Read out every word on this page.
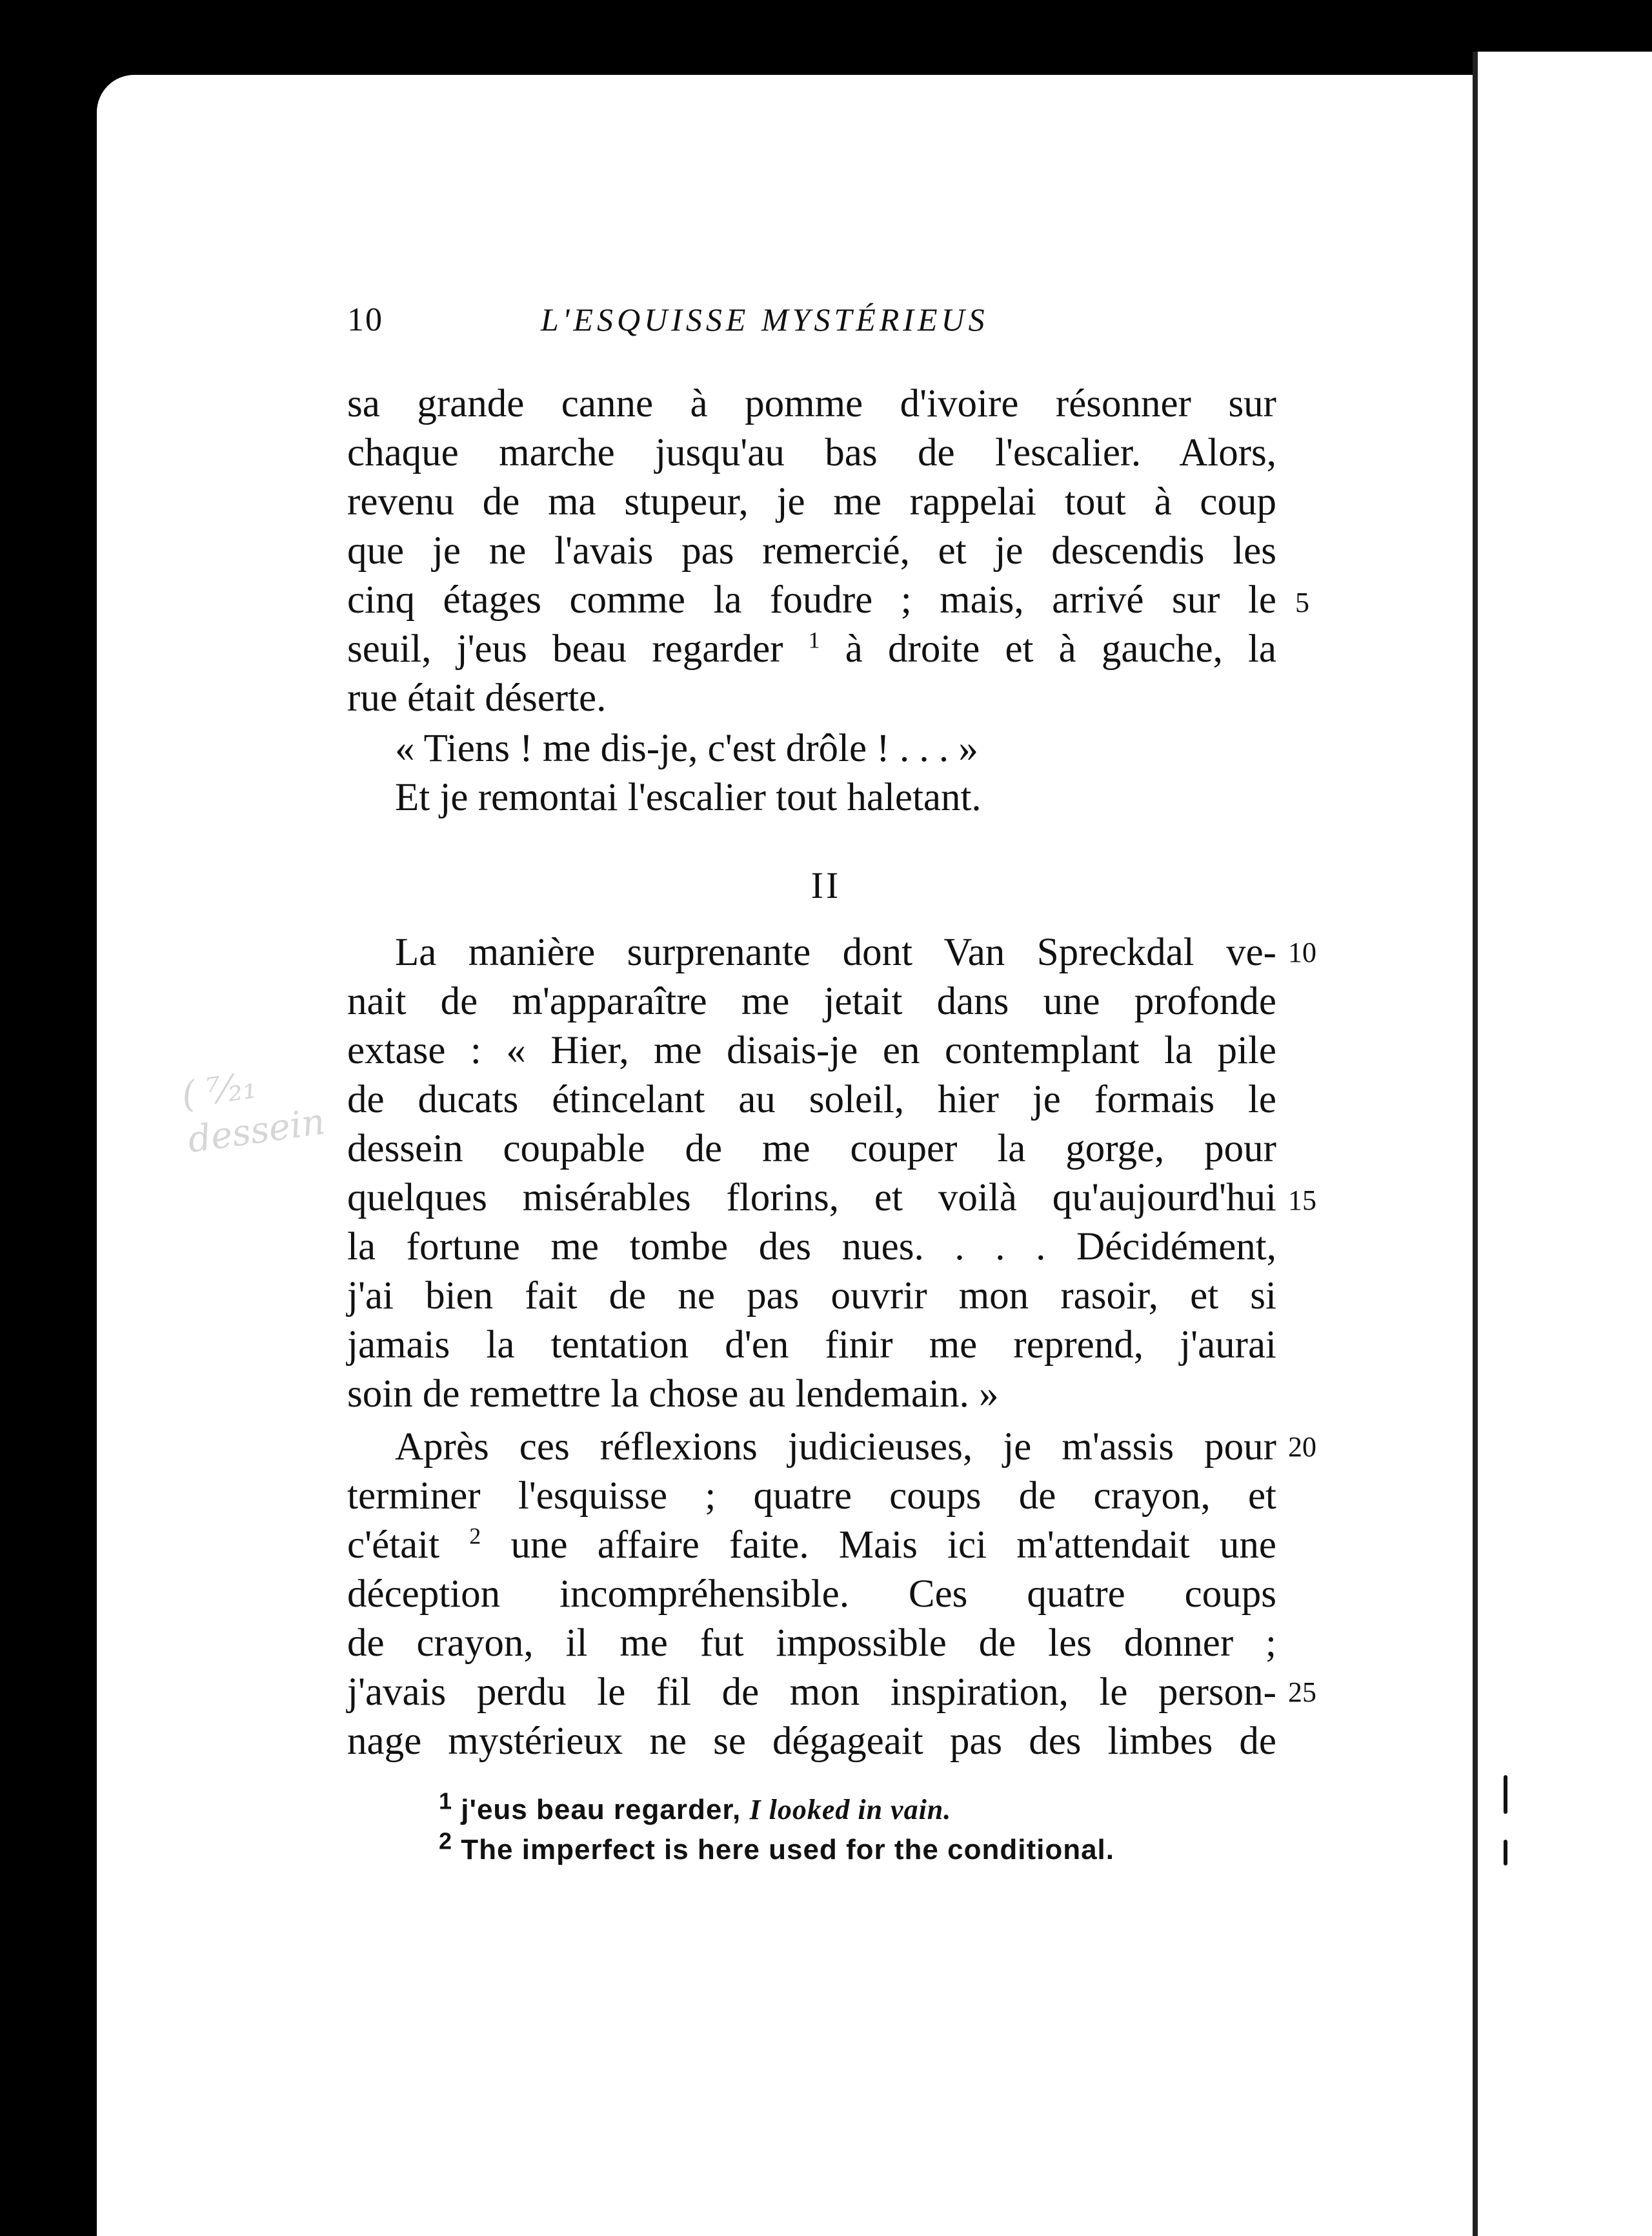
( ⁷⁄₂₁ dessein
10	L'ESQUISSE MYSTÉRIEUS
sa grande canne à pomme d'ivoire résonner sur
chaque marche jusqu'au bas de l'escalier. Alors,
revenu de ma stupeur, je me rappelai tout à coup
que je ne l'avais pas remercié, et je descendis les
cinq étages comme la foudre ; mais, arrivé sur le 5
seuil, j'eus beau regarder $^1$ à droite et à gauche, la
rue était déserte.
« Tiens ! me dis-je, c'est drôle ! . . . »
Et je remontai l'escalier tout haletant.
II
La manière surprenante dont Van Spreckdal ve- 10
nait de m'apparaître me jetait dans une profonde
extase : « Hier, me disais-je en contemplant la pile
de ducats étincelant au soleil, hier je formais le
dessein coupable de me couper la gorge, pour
quelques misérables florins, et voilà qu'aujourd'hui 15
la fortune me tombe des nues. . . . Décidément,
j'ai bien fait de ne pas ouvrir mon rasoir, et si
jamais la tentation d'en finir me reprend, j'aurai
soin de remettre la chose au lendemain. »
Après ces réflexions judicieuses, je m'assis pour 20
terminer l'esquisse ; quatre coups de crayon, et
c'était $^2$ une affaire faite. Mais ici m'attendait une
déception incompréhensible. Ces quatre coups
de crayon, il me fut impossible de les donner ;
j'avais perdu le fil de mon inspiration, le person- 25
nage mystérieux ne se dégageait pas des limbes de
$^1$ j'eus beau regarder, I looked in vain.
$^2$ The imperfect is here used for the conditional.
